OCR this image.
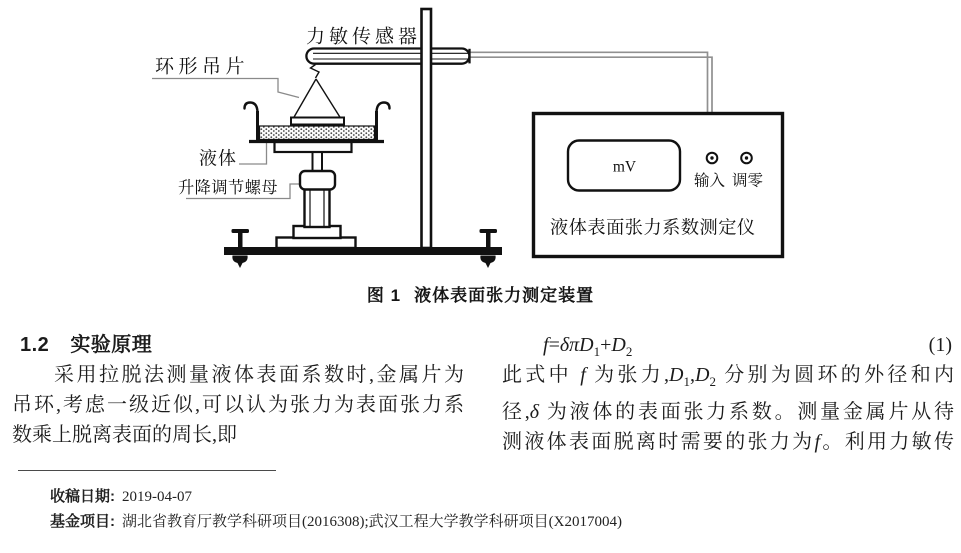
mV
输入 调零
液体表面张力系数测定仪
力敏传感器
环形吊片
液体
升降调节螺母
图 1 液体表面张力测定装置
1.2 实验原理
采用拉脱法测量液体表面系数时,金属片为
吊环,考虑一级近似,可以认为张力为表面张力系
数乘上脱离表面的周长,即
$f=\delta\pi D_1+D_2$	(1)
此式中 f 为张力$,D_1,D_2$ 分别为圆环的外径和内
径,δ 为液体的表面张力系数。测量金属片从待
测液体表面脱离时需要的张力为f。利用力敏传
收稿日期: 2019-04-07
基金项目: 湖北省教育厅教学科研项目(2016308);武汉工程大学教学科研项目(X2017004)
